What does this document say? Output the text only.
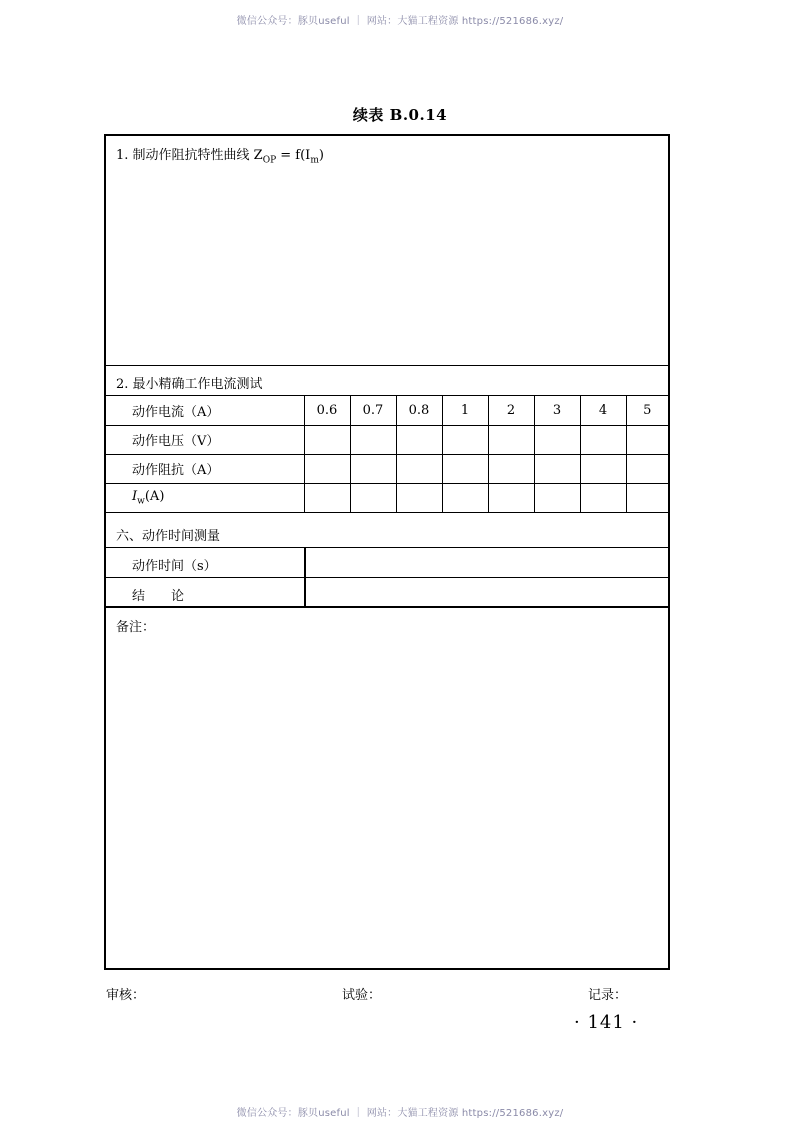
微信公众号：豚贝useful ｜ 网站：大猫工程资源 https://521686.xyz/
续表 B.0.14
1. 制动作阻抗特性曲线 $Z_{OP} = f(I_m)$
2. 最小精确工作电流测试
动作电流（A）	0.6	0.7	0.8	1	2	3	4	5
动作电压（V）								
动作阻抗（A）								
$I_w(A)$								
六、动作时间测量
动作时间（s）
结　　论
备注：
审核：	试验：	记录：
· 141 ·
微信公众号：豚贝useful ｜ 网站：大猫工程资源 https://521686.xyz/
